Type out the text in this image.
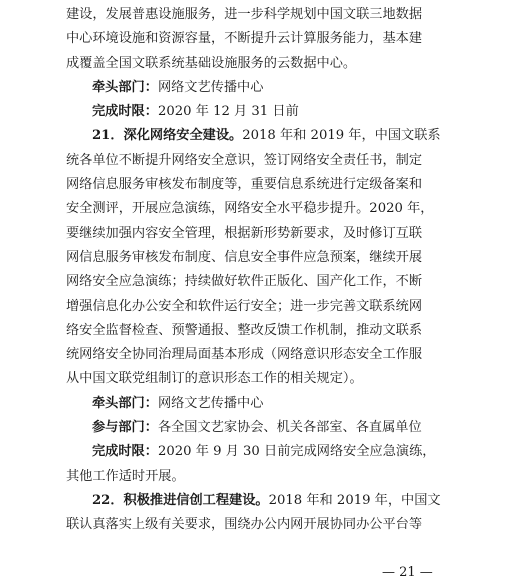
建设，发展普惠设施服务，进一步科学规划中国文联三地数据
中心环境设施和资源容量，不断提升云计算服务能力，基本建
成覆盖全国文联系统基础设施服务的云数据中心。
牵头部门：网络文艺传播中心
完成时限：2020 年 12 月 31 日前
21．深化网络安全建设。2018 年和 2019 年，中国文联系
统各单位不断提升网络安全意识，签订网络安全责任书，制定
网络信息服务审核发布制度等，重要信息系统进行定级备案和
安全测评，开展应急演练，网络安全水平稳步提升。2020 年，
要继续加强内容安全管理，根据新形势新要求，及时修订互联
网信息服务审核发布制度、信息安全事件应急预案，继续开展
网络安全应急演练；持续做好软件正版化、国产化工作，不断
增强信息化办公安全和软件运行安全；进一步完善文联系统网
络安全监督检查、预警通报、整改反馈工作机制，推动文联系
统网络安全协同治理局面基本形成（网络意识形态安全工作服
从中国文联党组制订的意识形态工作的相关规定）。
牵头部门：网络文艺传播中心
参与部门：各全国文艺家协会、机关各部室、各直属单位
完成时限：2020 年 9 月 30 日前完成网络安全应急演练，
其他工作适时开展。
22．积极推进信创工程建设。2018 年和 2019 年，中国文
联认真落实上级有关要求，围绕办公内网开展协同办公平台等
— 21 —
